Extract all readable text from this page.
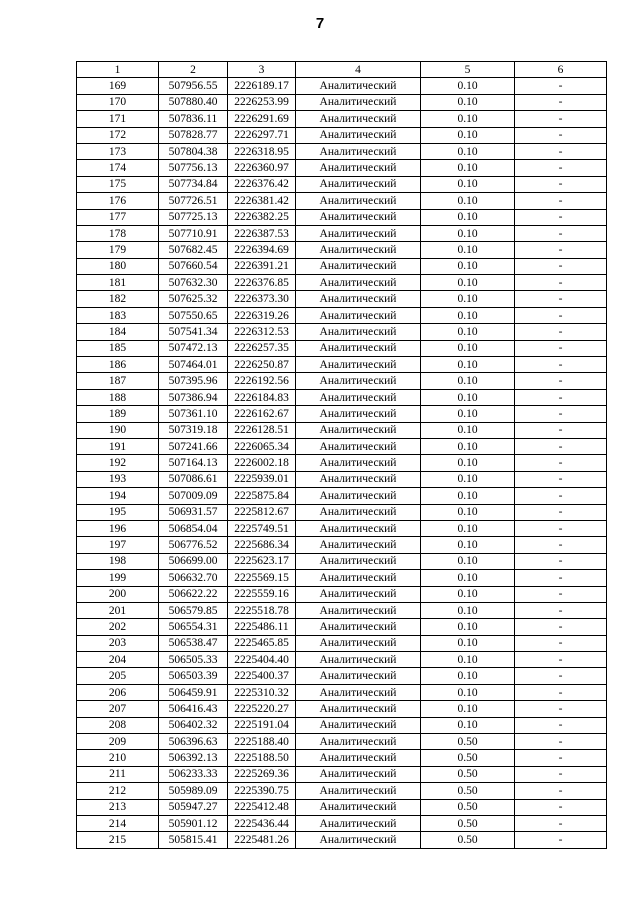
7
1	2	3	4	5	6
169	507956.55	2226189.17	Аналитический	0.10	-
170	507880.40	2226253.99	Аналитический	0.10	-
171	507836.11	2226291.69	Аналитический	0.10	-
172	507828.77	2226297.71	Аналитический	0.10	-
173	507804.38	2226318.95	Аналитический	0.10	-
174	507756.13	2226360.97	Аналитический	0.10	-
175	507734.84	2226376.42	Аналитический	0.10	-
176	507726.51	2226381.42	Аналитический	0.10	-
177	507725.13	2226382.25	Аналитический	0.10	-
178	507710.91	2226387.53	Аналитический	0.10	-
179	507682.45	2226394.69	Аналитический	0.10	-
180	507660.54	2226391.21	Аналитический	0.10	-
181	507632.30	2226376.85	Аналитический	0.10	-
182	507625.32	2226373.30	Аналитический	0.10	-
183	507550.65	2226319.26	Аналитический	0.10	-
184	507541.34	2226312.53	Аналитический	0.10	-
185	507472.13	2226257.35	Аналитический	0.10	-
186	507464.01	2226250.87	Аналитический	0.10	-
187	507395.96	2226192.56	Аналитический	0.10	-
188	507386.94	2226184.83	Аналитический	0.10	-
189	507361.10	2226162.67	Аналитический	0.10	-
190	507319.18	2226128.51	Аналитический	0.10	-
191	507241.66	2226065.34	Аналитический	0.10	-
192	507164.13	2226002.18	Аналитический	0.10	-
193	507086.61	2225939.01	Аналитический	0.10	-
194	507009.09	2225875.84	Аналитический	0.10	-
195	506931.57	2225812.67	Аналитический	0.10	-
196	506854.04	2225749.51	Аналитический	0.10	-
197	506776.52	2225686.34	Аналитический	0.10	-
198	506699.00	2225623.17	Аналитический	0.10	-
199	506632.70	2225569.15	Аналитический	0.10	-
200	506622.22	2225559.16	Аналитический	0.10	-
201	506579.85	2225518.78	Аналитический	0.10	-
202	506554.31	2225486.11	Аналитический	0.10	-
203	506538.47	2225465.85	Аналитический	0.10	-
204	506505.33	2225404.40	Аналитический	0.10	-
205	506503.39	2225400.37	Аналитический	0.10	-
206	506459.91	2225310.32	Аналитический	0.10	-
207	506416.43	2225220.27	Аналитический	0.10	-
208	506402.32	2225191.04	Аналитический	0.10	-
209	506396.63	2225188.40	Аналитический	0.50	-
210	506392.13	2225188.50	Аналитический	0.50	-
211	506233.33	2225269.36	Аналитический	0.50	-
212	505989.09	2225390.75	Аналитический	0.50	-
213	505947.27	2225412.48	Аналитический	0.50	-
214	505901.12	2225436.44	Аналитический	0.50	-
215	505815.41	2225481.26	Аналитический	0.50	-
